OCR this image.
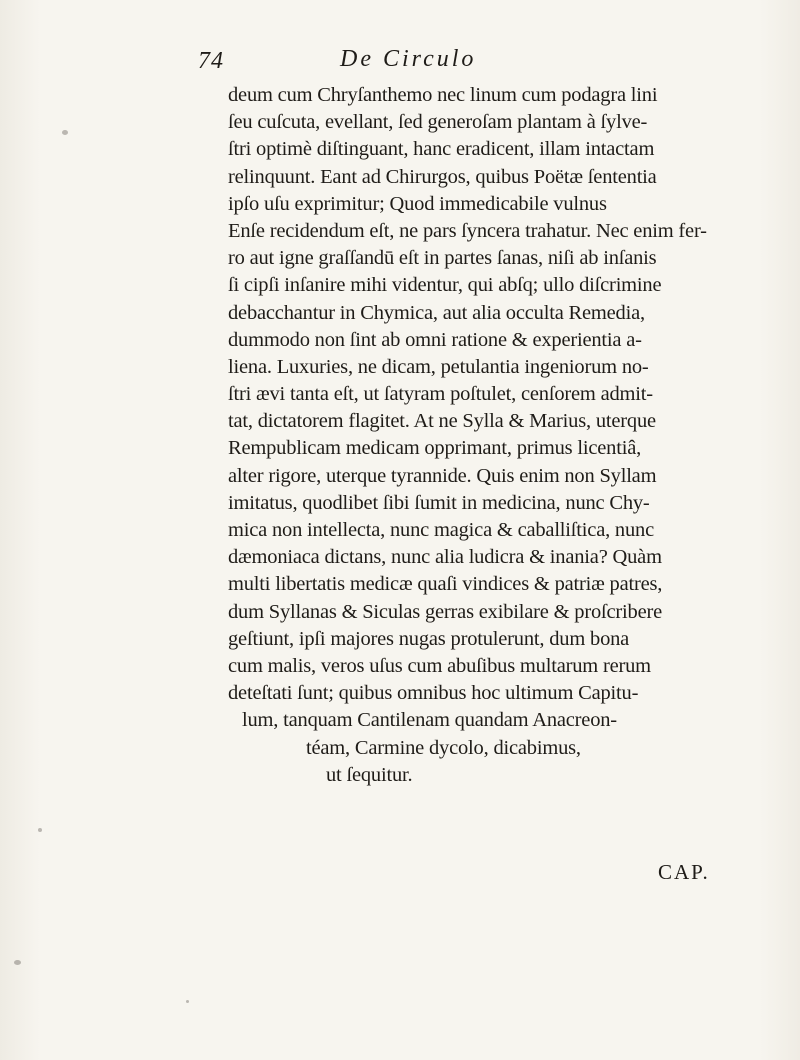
74	De Circulo
deum cum Chryſanthemo nec linum cum podagra lini
ſeu cuſcuta, evellant, ſed generoſam plantam à ſylve-
ſtri optimè diſtinguant, hanc eradicent, illam intactam
relinquunt. Eant ad Chirurgos, quibus Poëtæ ſententia
ipſo uſu exprimitur; Quod immedicabile vulnus
Enſe recidendum eſt, ne pars ſyncera trahatur. Nec enim fer-
ro aut igne graſſandū eſt in partes ſanas, niſi ab inſanis
ſi cipſi inſanire mihi videntur, qui abſq; ullo diſcrimine
debacchantur in Chymica, aut alia occulta Remedia,
dummodo non ſint ab omni ratione & experientia a-
liena. Luxuries, ne dicam, petulantia ingeniorum no-
ſtri ævi tanta eſt, ut ſatyram poſtulet, cenſorem admit-
tat, dictatorem flagitet. At ne Sylla & Marius, uterque
Rempublicam medicam opprimant, primus licentiâ,
alter rigore, uterque tyrannide. Quis enim non Syllam
imitatus, quodlibet ſibi ſumit in medicina, nunc Chy-
mica non intellecta, nunc magica & caballiſtica, nunc
dæmoniaca dictans, nunc alia ludicra & inania? Quàm
multi libertatis medicæ quaſi vindices & patriæ patres,
dum Syllanas & Siculas gerras exibilare & proſcribere
geſtiunt, ipſi majores nugas protulerunt, dum bona
cum malis, veros uſus cum abuſibus multarum rerum
deteſtati ſunt; quibus omnibus hoc ultimum Capitu-
lum, tanquam Cantilenam quandam Anacreon-
téam, Carmine dycolo, dicabimus,
ut ſequitur.
CAP.
